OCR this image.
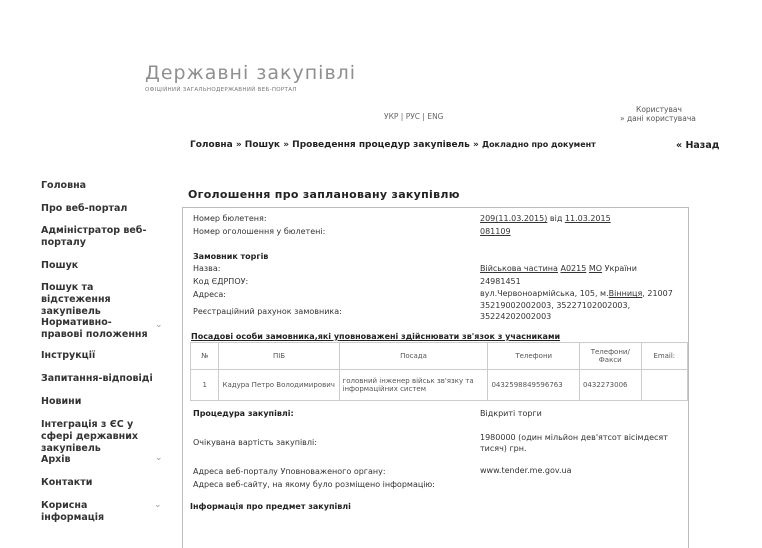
Державні закупівлі
ОФІЦІЙНИЙ ЗАГАЛЬНОДЕРЖАВНИЙ ВЕБ-ПОРТАЛ
УКР | РУС | ENG
Користувач
» дані користувача
Головна » Пошук » Проведення процедур закупівель » Докладно про документ	« Назад
Головна
Про веб-портал
Адміністратор веб-порталу
Пошук
Пошук та відстеження закупівель
Нормативно-правові положення
⌄
Інструкції
Запитання-відповіді
Новини
Інтеграція з ЄС у сфері державних закупівель
Архів	⌄
Контакти
Корисна інформація
⌄
Оголошення про заплановану закупівлю
Номер бюлетеня:	209(11.03.2015) від 11.03.2015
Номер оголошення у бюлетені:	081109
Замовник торгів
Назва:	Військова частина А0215 МО України
Код ЄДРПОУ:	24981451
Адреса:	вул.Червоноармійська, 105, м.Вінниця, 21007
Реєстраційний рахунок замовника:
35219002002003, 35227102002003,
35224202002003
Посадові особи замовника,які уповноважені здійснювати зв'язок з учасниками
№	ПІБ	Посада	Телефони	Телефони/ Факси	Email:
1	Кадура Петро Володимирович	головний інженер військ зв'язку та інформаційних систем	0432598849596763	0432273006	
Процедура закупівлі:	Відкриті торги
Очікувана вартість закупівлі:
1980000 (один мільйон дев'ятсот вісімдесят тисяч) грн.
Адреса веб-порталу Уповноваженого органу:	www.tender.me.gov.ua
Адреса веб-сайту, на якому було розміщено інформацію:
Інформація про предмет закупівлі
